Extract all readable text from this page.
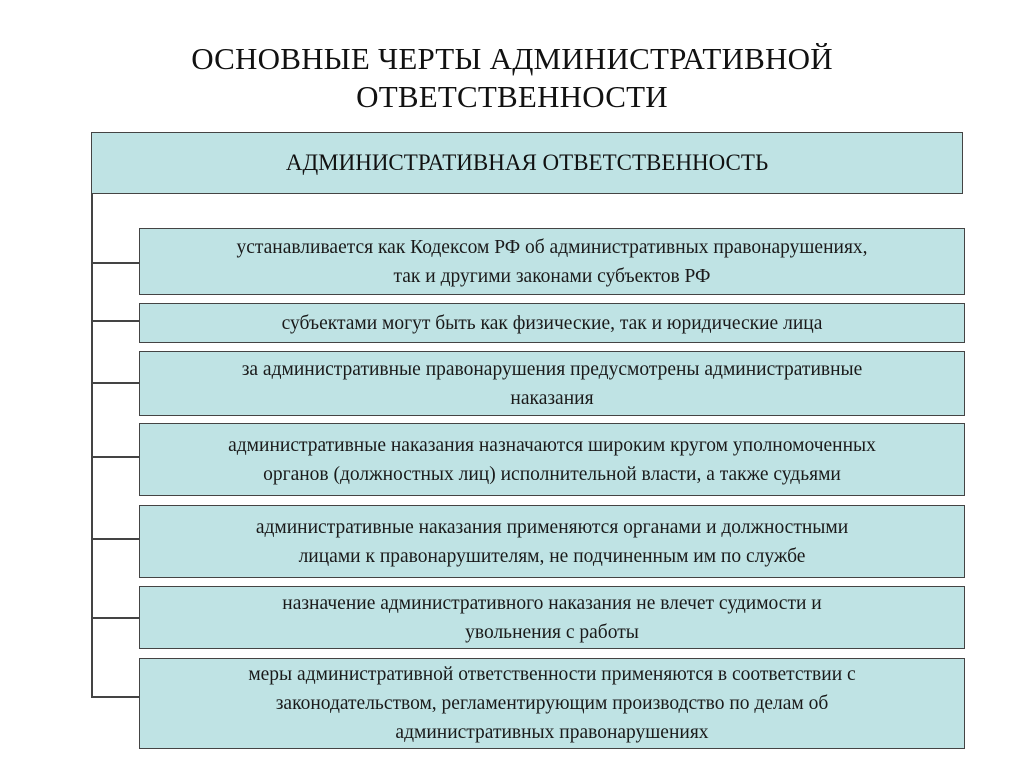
ОСНОВНЫЕ ЧЕРТЫ АДМИНИСТРАТИВНОЙ
ОТВЕТСТВЕННОСТИ
АДМИНИСТРАТИВНАЯ ОТВЕТСТВЕННОСТЬ
устанавливается как Кодексом РФ об административных правонарушениях,
так и другими законами субъектов РФ
субъектами могут быть как физические, так и юридические лица
за административные правонарушения предусмотрены административные
наказания
административные наказания назначаются широким кругом уполномоченных
органов (должностных лиц) исполнительной власти, а также судьями
административные наказания применяются органами и должностными
лицами к правонарушителям, не подчиненным им по службе
назначение административного наказания не влечет судимости и
увольнения с работы
меры административной ответственности применяются в соответствии с
законодательством, регламентирующим производство по делам об
административных правонарушениях
